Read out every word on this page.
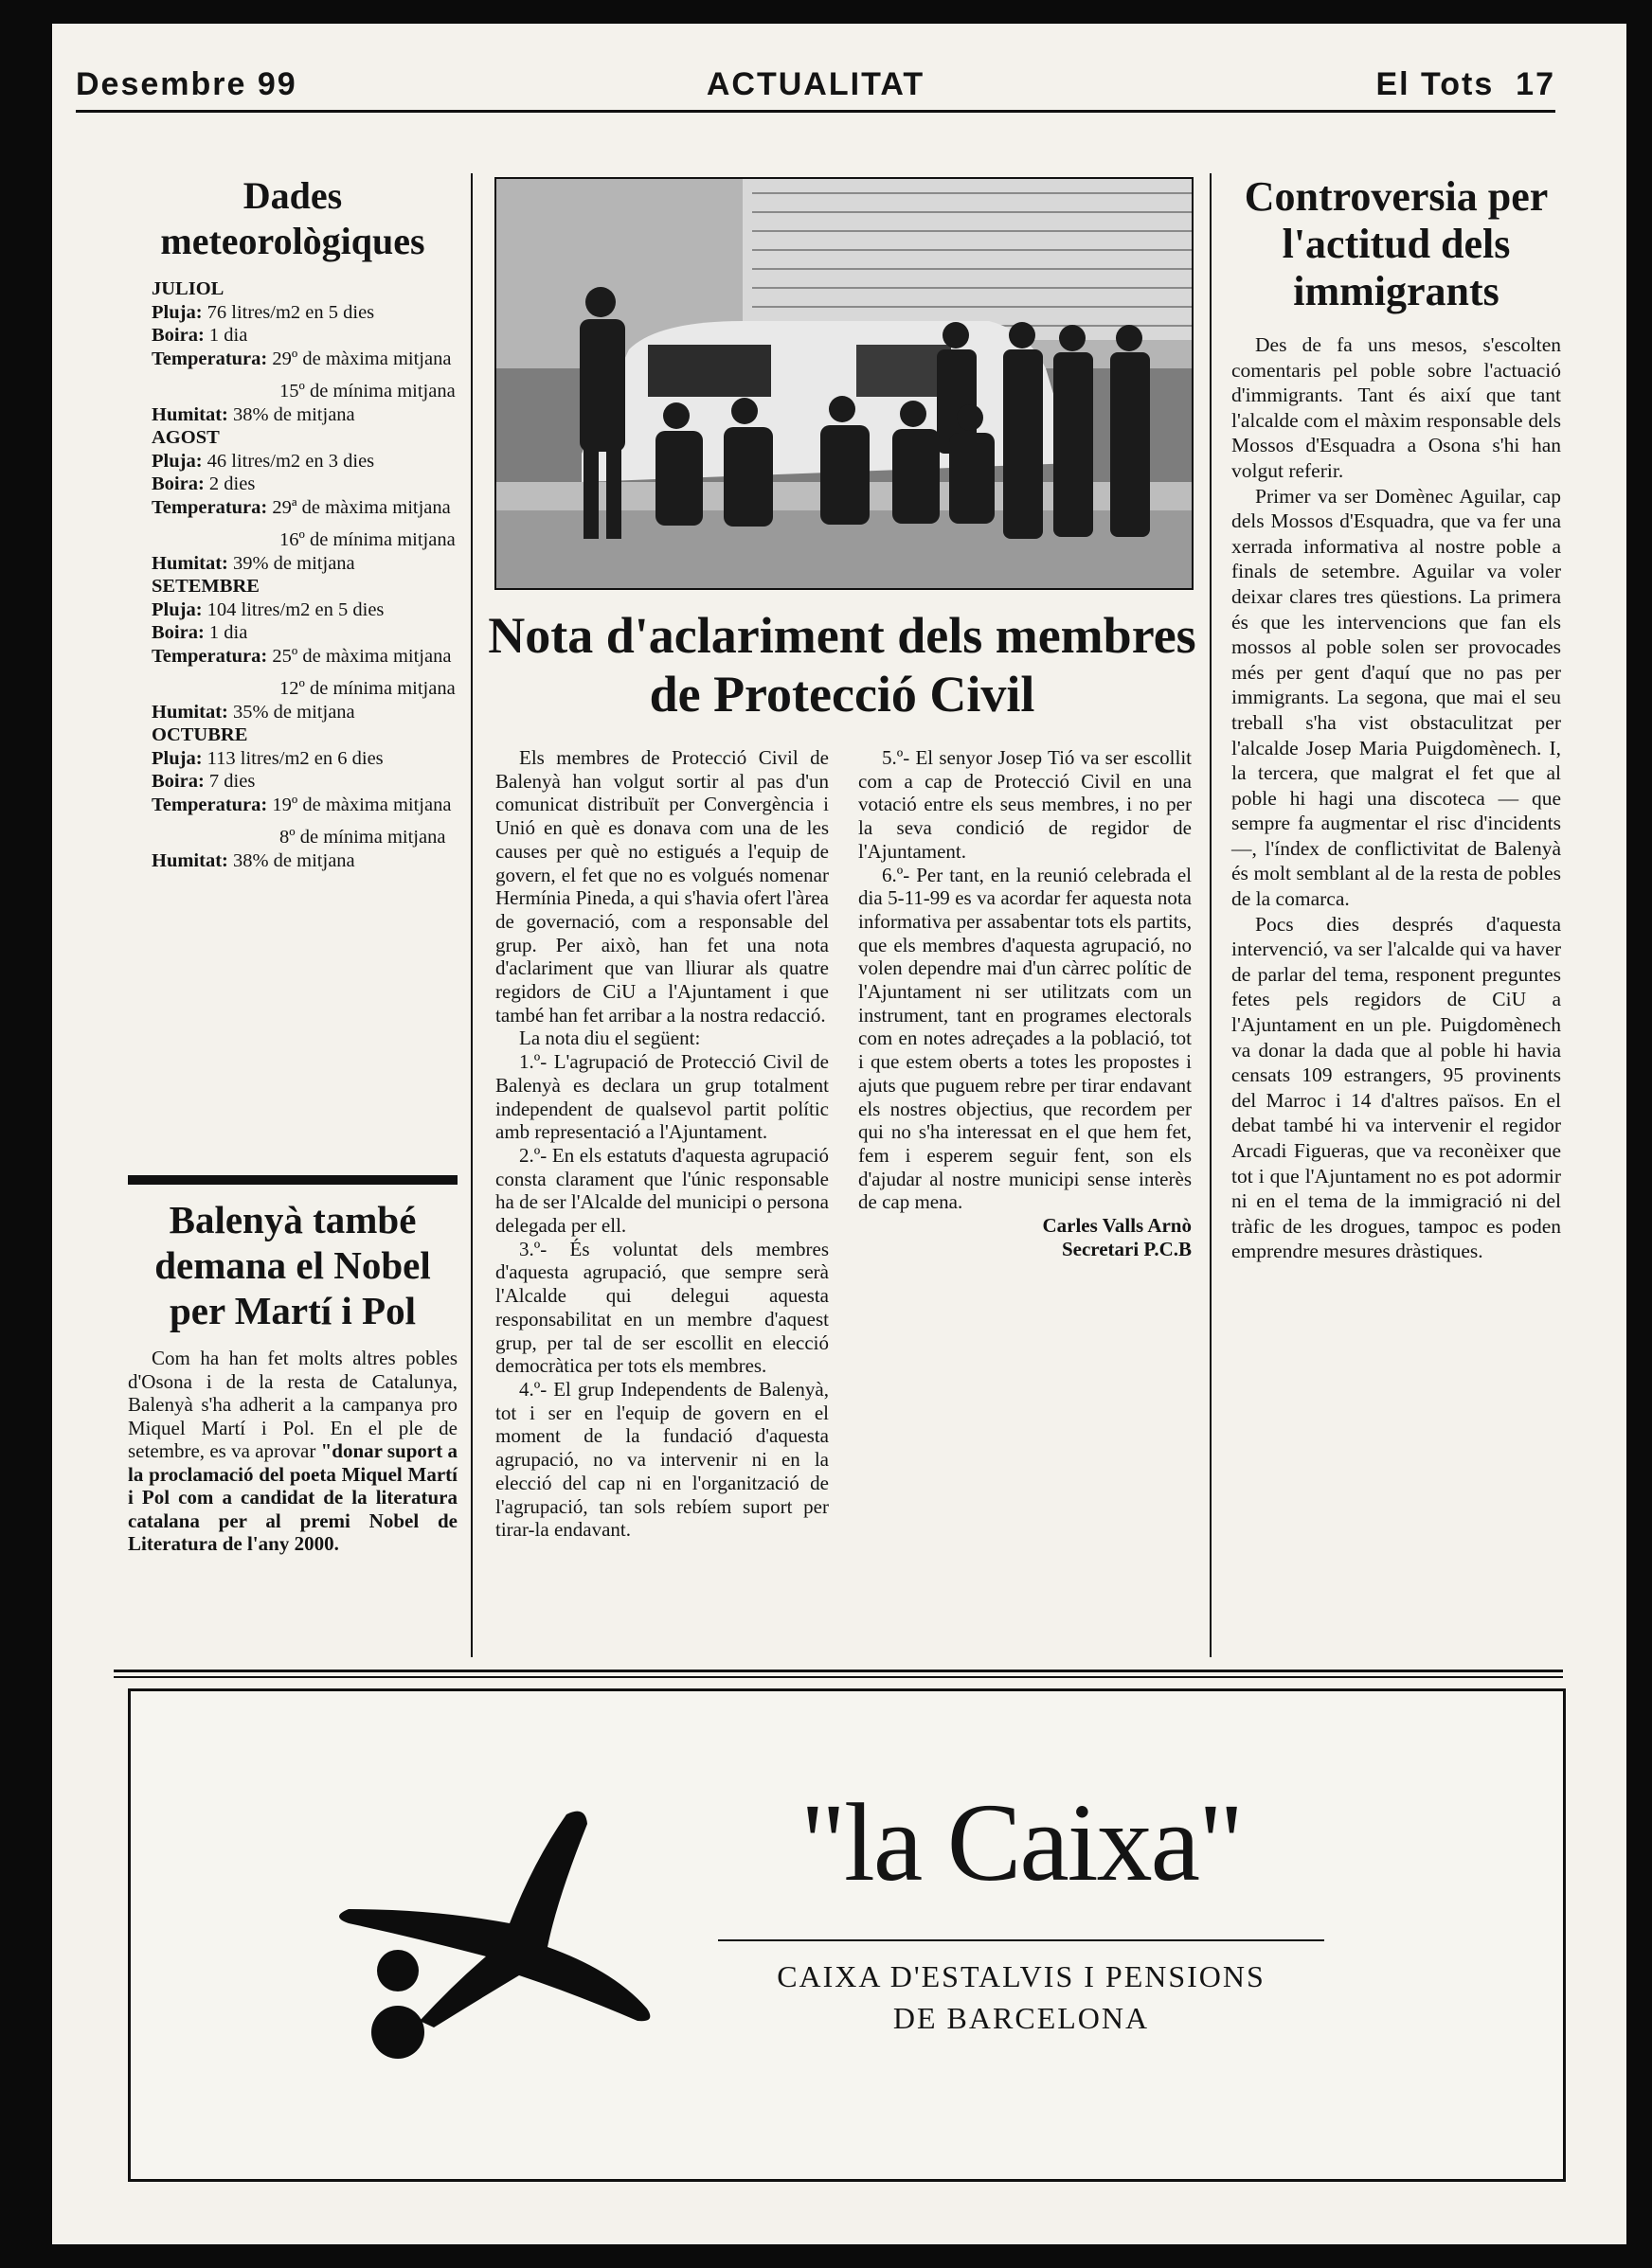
Desembre 99	ACTUALITAT	El Tots  17
Dades meteorològiques

JULIOL

Pluja: 76 litres/m2 en 5 dies

Boira: 1 dia

Temperatura: 29º de màxima mitjana

15º de mínima mitjana

Humitat: 38% de mitjana

AGOST

Pluja: 46 litres/m2 en 3 dies

Boira: 2 dies

Temperatura: 29ª de màxima mitjana

16º de mínima mitjana

Humitat: 39% de mitjana

SETEMBRE

Pluja: 104 litres/m2 en 5 dies

Boira: 1 dia

Temperatura: 25º de màxima mitjana

12º de mínima mitjana

Humitat: 35% de mitjana

OCTUBRE

Pluja: 113 litres/m2 en 6 dies

Boira: 7 dies

Temperatura: 19º de màxima mitjana

8º de mínima mitjana

Humitat: 38% de mitjana

Balenyà també demana el Nobel per Martí i Pol

Com ha han fet molts altres pobles d'Osona i de la resta de Catalunya, Balenyà s'ha adherit a la campanya pro Miquel Martí i Pol. En el ple de setembre, es va aprovar "donar suport a la proclamació del poeta Miquel Martí i Pol com a candidat de la literatura catalana per al premi Nobel de Literatura de l'any 2000.

Nota d'aclariment dels membres de Protecció Civil

Els membres de Protecció Civil de Balenyà han volgut sortir al pas d'un comunicat distribuït per Convergència i Unió en què es donava com una de les causes per què no estigués a l'equip de govern, el fet que no es volgués nomenar Hermínia Pineda, a qui s'havia ofert l'àrea de governació, com a responsable del grup. Per això, han fet una nota d'aclariment que van lliurar als quatre regidors de CiU a l'Ajuntament i que també han fet arribar a la nostra redacció.

La nota diu el següent:

1.º- L'agrupació de Protecció Civil de Balenyà es declara un grup totalment independent de qualsevol partit polític amb representació a l'Ajuntament.

2.º- En els estatuts d'aquesta agrupació consta clarament que l'únic responsable ha de ser l'Alcalde del municipi o persona delegada per ell.

3.º- És voluntat dels membres d'aquesta agrupació, que sempre serà l'Alcalde qui delegui aquesta responsabilitat en un membre d'aquest grup, per tal de ser escollit en elecció democràtica per tots els membres.

4.º- El grup Independents de Balenyà, tot i ser en l'equip de govern en el moment de la fundació d'aquesta agrupació, no va intervenir ni en la elecció del cap ni en l'organització de l'agrupació, tan sols rebíem suport per tirar-la endavant.

5.º- El senyor Josep Tió va ser escollit com a cap de Protecció Civil en una votació entre els seus membres, i no per la seva condició de regidor de l'Ajuntament.

6.º- Per tant, en la reunió celebrada el dia 5-11-99 es va acordar fer aquesta nota informativa per assabentar tots els partits, que els membres d'aquesta agrupació, no volen dependre mai d'un càrrec polític de l'Ajuntament ni ser utilitzats com un instrument, tant en programes electorals com en notes adreçades a la població, tot i que estem oberts a totes les propostes i ajuts que puguem rebre per tirar endavant els nostres objectius, que recordem per qui no s'ha interessat en el que hem fet, fem i esperem seguir fent, son els d'ajudar al nostre municipi sense interès de cap mena.

Carles Valls Arnò
Secretari P.C.B
Controversia per l'actitud dels immigrants

Des de fa uns mesos, s'escolten comentaris pel poble sobre l'actuació d'immigrants. Tant és així que tant l'alcalde com el màxim responsable dels Mossos d'Esquadra a Osona s'hi han volgut referir.

Primer va ser Domènec Aguilar, cap dels Mossos d'Esquadra, que va fer una xerrada informativa al nostre poble a finals de setembre. Aguilar va voler deixar clares tres qüestions. La primera és que les intervencions que fan els mossos al poble solen ser provocades més per gent d'aquí que no pas per immigrants. La segona, que mai el seu treball s'ha vist obstaculitzat per l'alcalde Josep Maria Puigdomènech. I, la tercera, que malgrat el fet que al poble hi hagi una discoteca — que sempre fa augmentar el risc d'incidents—, l'índex de conflictivitat de Balenyà és molt semblant al de la resta de pobles de la comarca.

Pocs dies després d'aquesta intervenció, va ser l'alcalde qui va haver de parlar del tema, responent preguntes fetes pels regidors de CiU a l'Ajuntament en un ple. Puigdomènech va donar la dada que al poble hi havia censats 109 estrangers, 95 provinents del Marroc i 14 d'altres països. En el debat també hi va intervenir el regidor Arcadi Figueras, que va reconèixer que tot i que l'Ajuntament no es pot adormir ni en el tema de la immigració ni del tràfic de les drogues, tampoc es poden emprendre mesures dràstiques.

"la Caixa"
CAIXA D'ESTALVIS I PENSIONS
DE BARCELONA
